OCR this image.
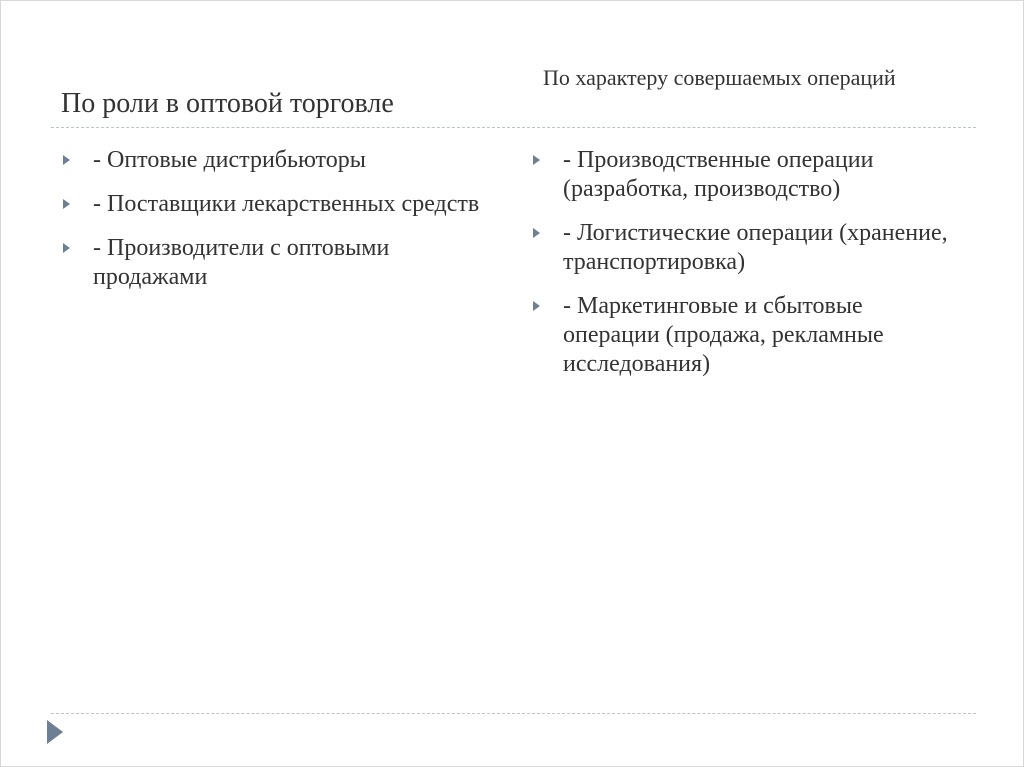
По роли в оптовой торговле
По характеру совершаемых операций
- Оптовые дистрибьюторы
- Поставщики лекарственных средств
- Производители с оптовыми продажами
- Производственные операции (разработка, производство)
- Логистические операции (хранение, транспортировка)
- Маркетинговые и сбытовые операции (продажа, рекламные исследования)
